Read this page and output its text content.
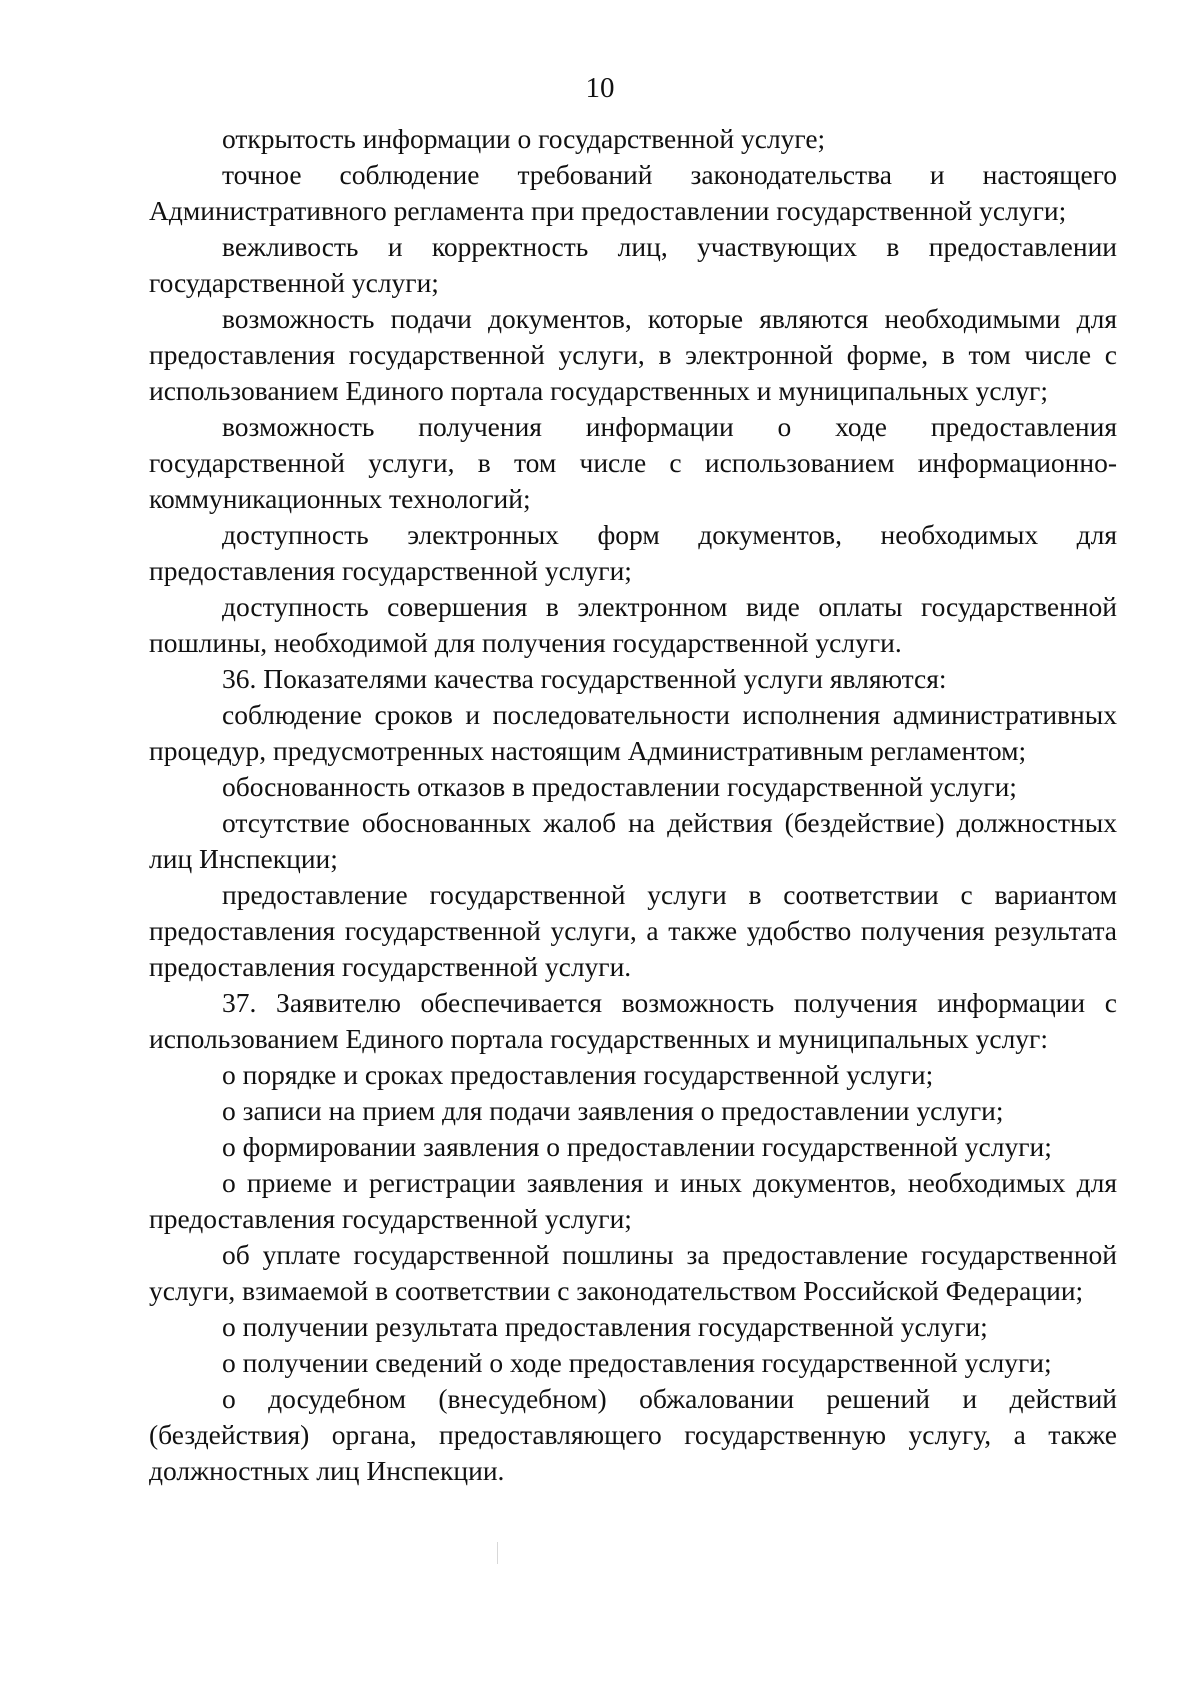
10
открытость информации о государственной услуге;
точное соблюдение требований законодательства и настоящего
Административного регламента при предоставлении государственной услуги;
вежливость и корректность лиц, участвующих в предоставлении
государственной услуги;
возможность подачи документов, которые являются необходимыми для
предоставления государственной услуги, в электронной форме, в том числе с
использованием Единого портала государственных и муниципальных услуг;
возможность получения информации о ходе предоставления
государственной услуги, в том числе с использованием информационно-
коммуникационных технологий;
доступность электронных форм документов, необходимых для
предоставления государственной услуги;
доступность совершения в электронном виде оплаты государственной
пошлины, необходимой для получения государственной услуги.
36. Показателями качества государственной услуги являются:
соблюдение сроков и последовательности исполнения административных
процедур, предусмотренных настоящим Административным регламентом;
обоснованность отказов в предоставлении государственной услуги;
отсутствие обоснованных жалоб на действия (бездействие) должностных
лиц Инспекции;
предоставление государственной услуги в соответствии с вариантом
предоставления государственной услуги, а также удобство получения результата
предоставления государственной услуги.
37. Заявителю обеспечивается возможность получения информации с
использованием Единого портала государственных и муниципальных услуг:
о порядке и сроках предоставления государственной услуги;
о записи на прием для подачи заявления о предоставлении услуги;
о формировании заявления о предоставлении государственной услуги;
о приеме и регистрации заявления и иных документов, необходимых для
предоставления государственной услуги;
об уплате государственной пошлины за предоставление государственной
услуги, взимаемой в соответствии с законодательством Российской Федерации;
о получении результата предоставления государственной услуги;
о получении сведений о ходе предоставления государственной услуги;
о досудебном (внесудебном) обжаловании решений и действий
(бездействия) органа, предоставляющего государственную услугу, а также
должностных лиц Инспекции.
